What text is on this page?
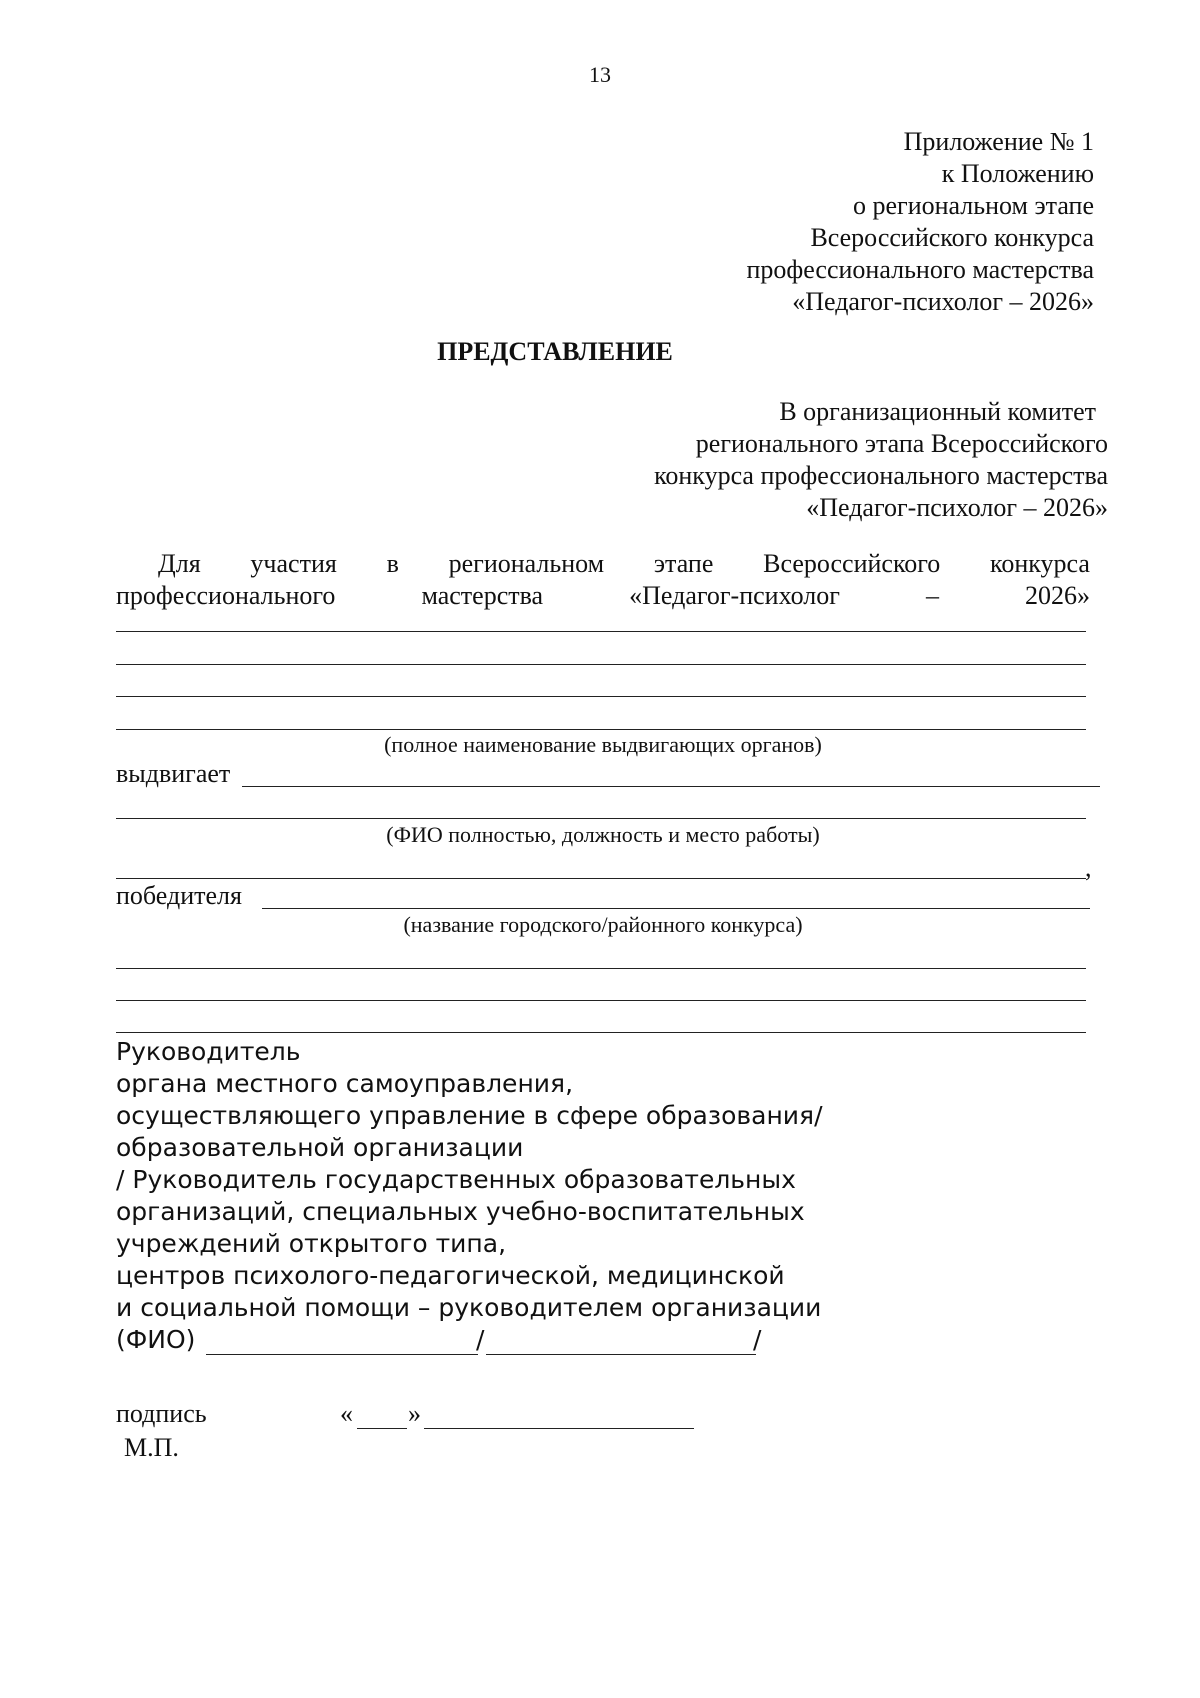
13
Приложение № 1
к Положению
о региональном этапе
Всероссийского конкурса
профессионального мастерства
«Педагог-психолог – 2026»
ПРЕДСТАВЛЕНИЕ
В организационный комитет
регионального этапа Всероссийского
конкурса профессионального мастерства
«Педагог-психолог – 2026»
Для участия в региональном этапе Всероссийского конкурса
профессионального	мастерства	«Педагог-психолог	–	2026»
(полное наименование выдвигающих органов)
выдвигает
(ФИО полностью, должность и место работы)
,
победителя
(название городского/районного конкурса)
Руководитель
органа местного самоуправления,
осуществляющего управление в сфере образования/
образовательной организации
/ Руководитель государственных образовательных
организаций, специальных учебно-воспитательных
учреждений открытого типа,
центров психолого-педагогической, медицинской
и социальной помощи – руководителем организации
(ФИО)	/	/
подпись	« »
М.П.
